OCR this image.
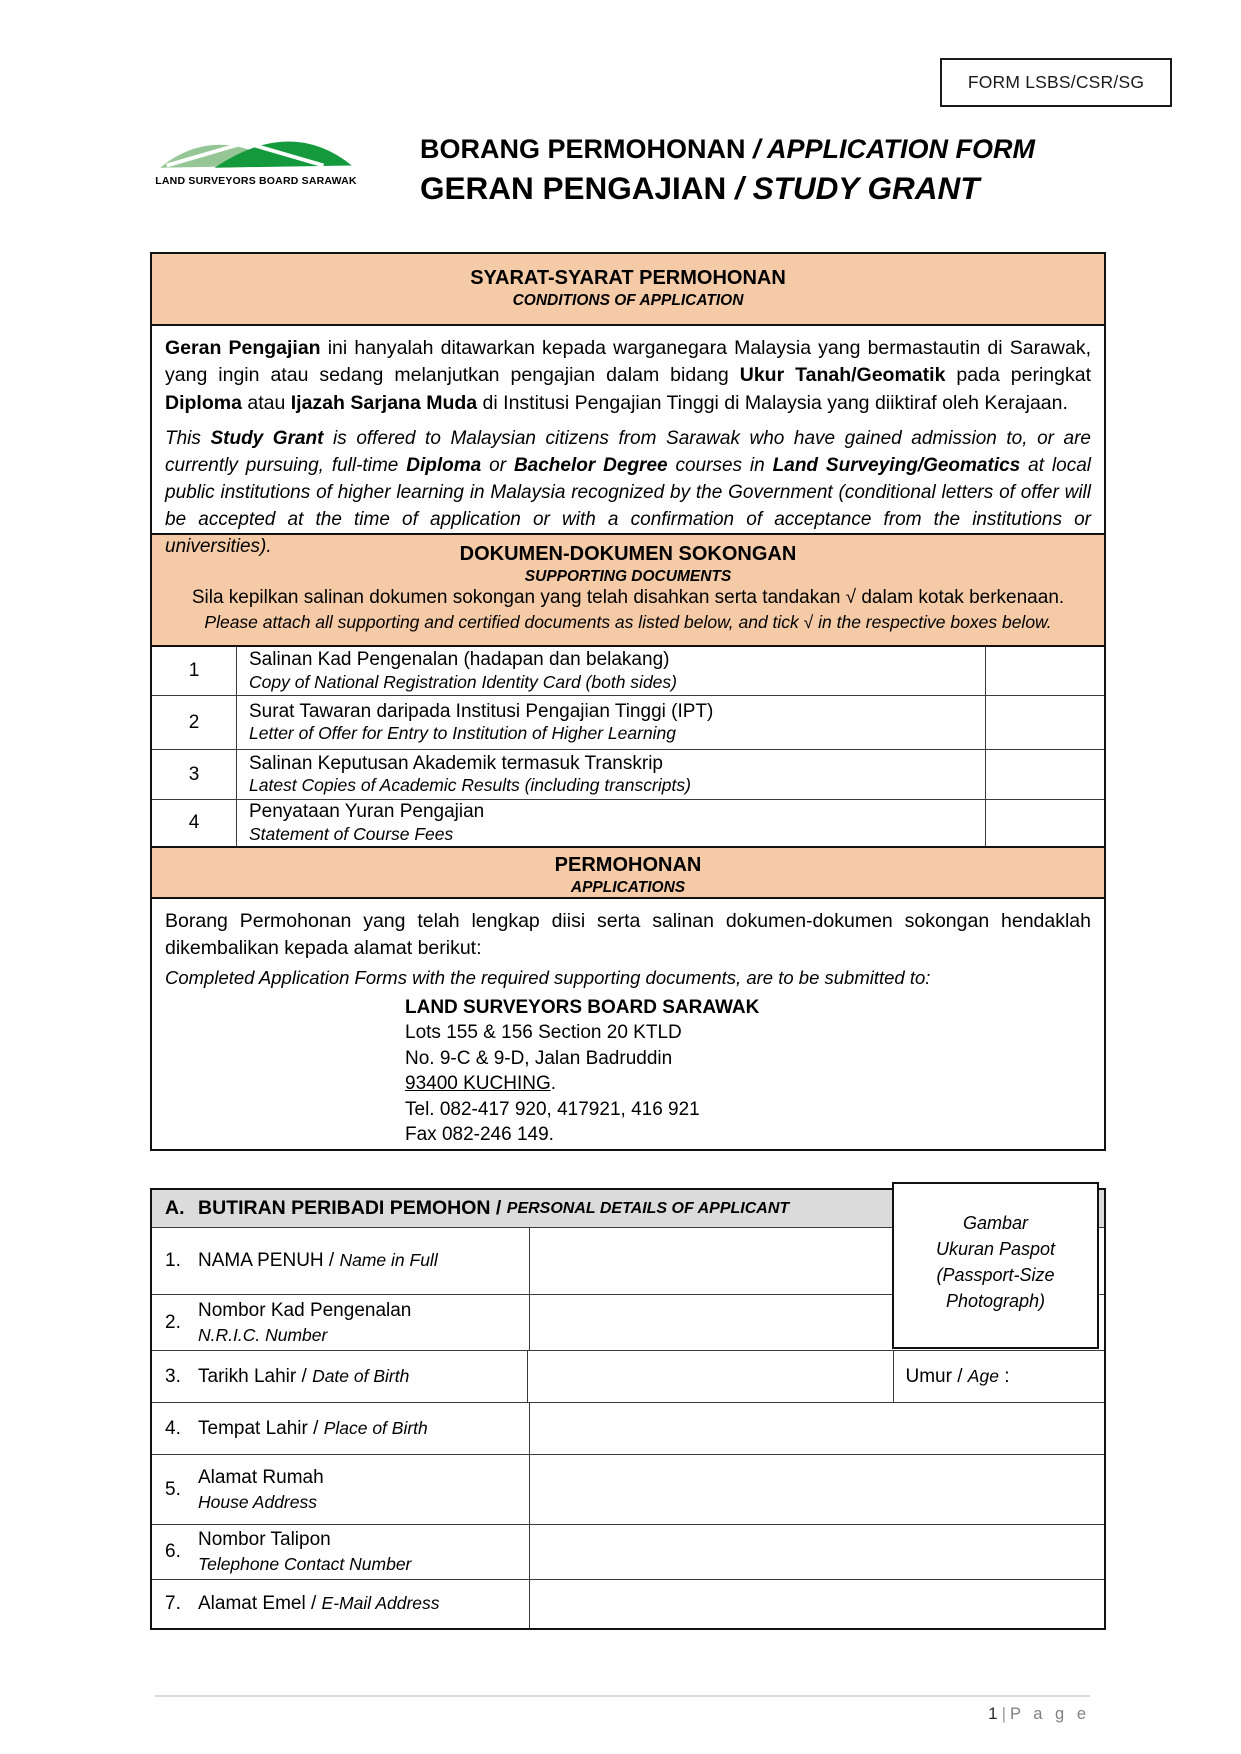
FORM LSBS/CSR/SG
LAND SURVEYORS BOARD SARAWAK
BORANG PERMOHONAN / APPLICATION FORM
GERAN PENGAJIAN / STUDY GRANT
SYARAT-SYARAT PERMOHONAN
CONDITIONS OF APPLICATION

Geran Pengajian ini hanyalah ditawarkan kepada warganegara Malaysia yang bermastautin di Sarawak, yang ingin atau sedang melanjutkan pengajian dalam bidang Ukur Tanah/Geomatik pada peringkat Diploma atau Ijazah Sarjana Muda di Institusi Pengajian Tinggi di Malaysia yang diiktiraf oleh Kerajaan.

This Study Grant is offered to Malaysian citizens from Sarawak who have gained admission to, or are currently pursuing, full-time Diploma or Bachelor Degree courses in Land Surveying/Geomatics at local public institutions of higher learning in Malaysia recognized by the Government (conditional letters of offer will be accepted at the time of application or with a confirmation of acceptance from the institutions or universities).	DOKUMEN-DOKUMEN SOKONGAN
SUPPORTING DOCUMENTS
Sila kepilkan salinan dokumen sokongan yang telah disahkan serta tandakan √ dalam kotak berkenaan.
Please attach all supporting and certified documents as listed below, and tick √ in the respective boxes below.
1
Salinan Kad Pengenalan (hadapan dan belakang)
Copy of National Registration Identity Card (both sides)
2
Surat Tawaran daripada Institusi Pengajian Tinggi (IPT)
Letter of Offer for Entry to Institution of Higher Learning
3
Salinan Keputusan Akademik termasuk Transkrip
Latest Copies of Academic Results (including transcripts)
4
Penyataan Yuran Pengajian
Statement of Course Fees
PERMOHONAN
APPLICATIONS

Borang Permohonan yang telah lengkap diisi serta salinan dokumen-dokumen sokongan hendaklah dikembalikan kepada alamat berikut:

Completed Application Forms with the required supporting documents, are to be submitted to:

LAND SURVEYORS BOARD SARAWAK
Lots 155 & 156 Section 20 KTLD
No. 9-C & 9-D, Jalan Badruddin
93400 KUCHING.
Tel. 082-417 920, 417921, 416 921
Fax 082-246 149.
A. BUTIRAN PERIBADI PEMOHON / PERSONAL DETAILS OF APPLICANT
1. NAMA PENUH / Name in Full
2.
Nombor Kad Pengenalan
N.R.I.C. Number
3. Tarikh Lahir / Date of Birth	Umur / Age :
4. Tempat Lahir / Place of Birth
5.
Alamat Rumah
House Address
6.
Nombor Talipon
Telephone Contact Number
7. Alamat Emel / E-Mail Address
Gambar
Ukuran Paspot
(Passport-Size
Photograph)
1 | P a g e
